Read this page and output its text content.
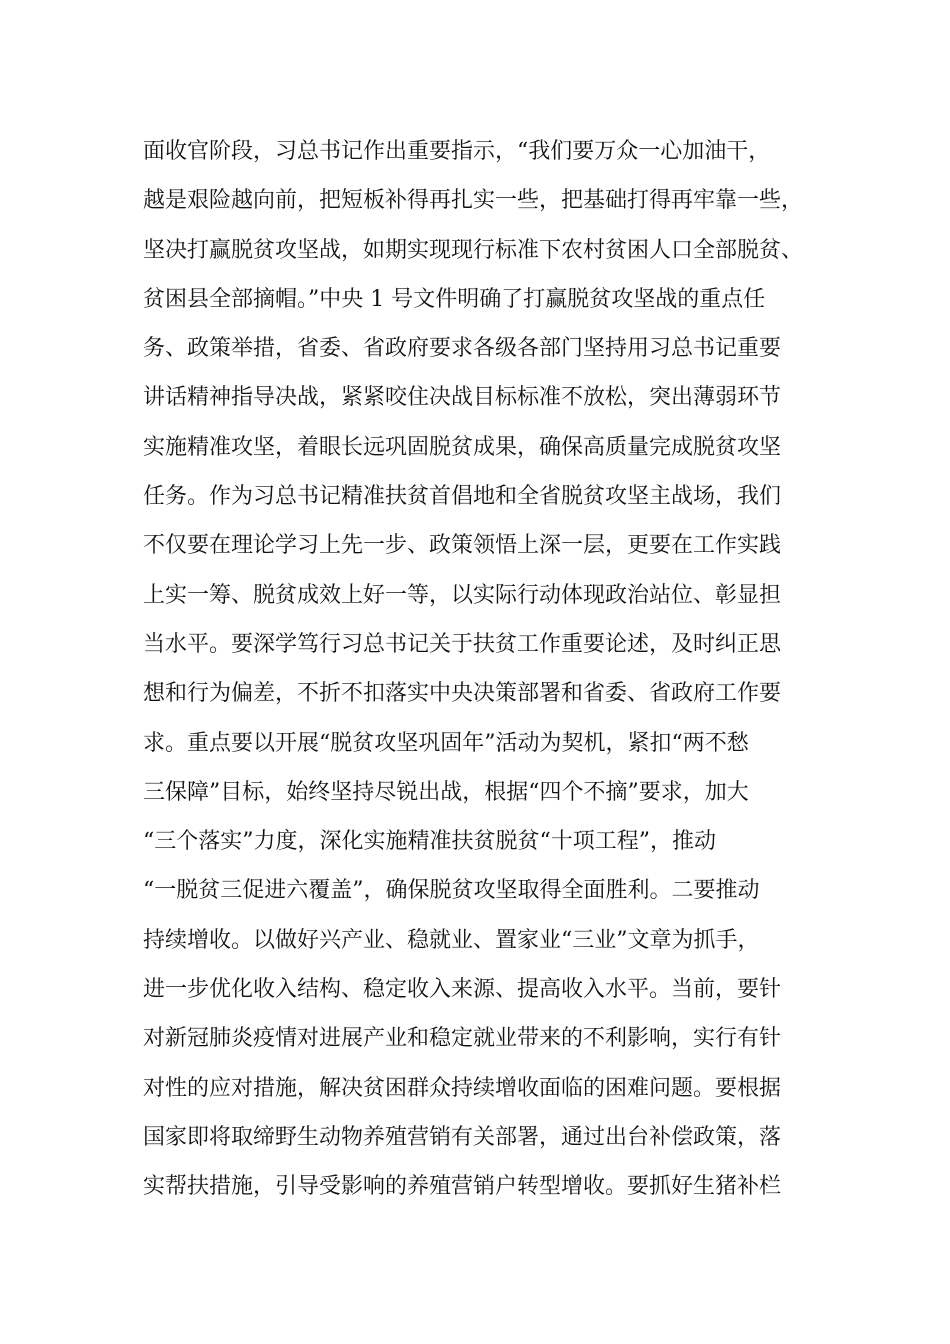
面收官阶段，习总书记作出重要指示，“我们要万众一心加油干，
越是艰险越向前，把短板补得再扎实一些，把基础打得再牢靠一些，
坚决打赢脱贫攻坚战，如期实现现行标准下农村贫困人口全部脱贫、
贫困县全部摘帽。”中央 1 号文件明确了打赢脱贫攻坚战的重点任
务、政策举措，省委、省政府要求各级各部门坚持用习总书记重要
讲话精神指导决战，紧紧咬住决战目标标准不放松，突出薄弱环节
实施精准攻坚，着眼长远巩固脱贫成果，确保高质量完成脱贫攻坚
任务。作为习总书记精准扶贫首倡地和全省脱贫攻坚主战场，我们
不仅要在理论学习上先一步、政策领悟上深一层，更要在工作实践
上实一筹、脱贫成效上好一等，以实际行动体现政治站位、彰显担
当水平。要深学笃行习总书记关于扶贫工作重要论述，及时纠正思
想和行为偏差，不折不扣落实中央决策部署和省委、省政府工作要
求。重点要以开展“脱贫攻坚巩固年”活动为契机，紧扣“两不愁
三保障”目标，始终坚持尽锐出战，根据“四个不摘”要求，加大
“三个落实”力度，深化实施精准扶贫脱贫“十项工程”，推动
“一脱贫三促进六覆盖”，确保脱贫攻坚取得全面胜利。二要推动
持续增收。以做好兴产业、稳就业、置家业“三业”文章为抓手，
进一步优化收入结构、稳定收入来源、提高收入水平。当前，要针
对新冠肺炎疫情对进展产业和稳定就业带来的不利影响，实行有针
对性的应对措施，解决贫困群众持续增收面临的困难问题。要根据
国家即将取缔野生动物养殖营销有关部署，通过出台补偿政策，落
实帮扶措施，引导受影响的养殖营销户转型增收。要抓好生猪补栏
